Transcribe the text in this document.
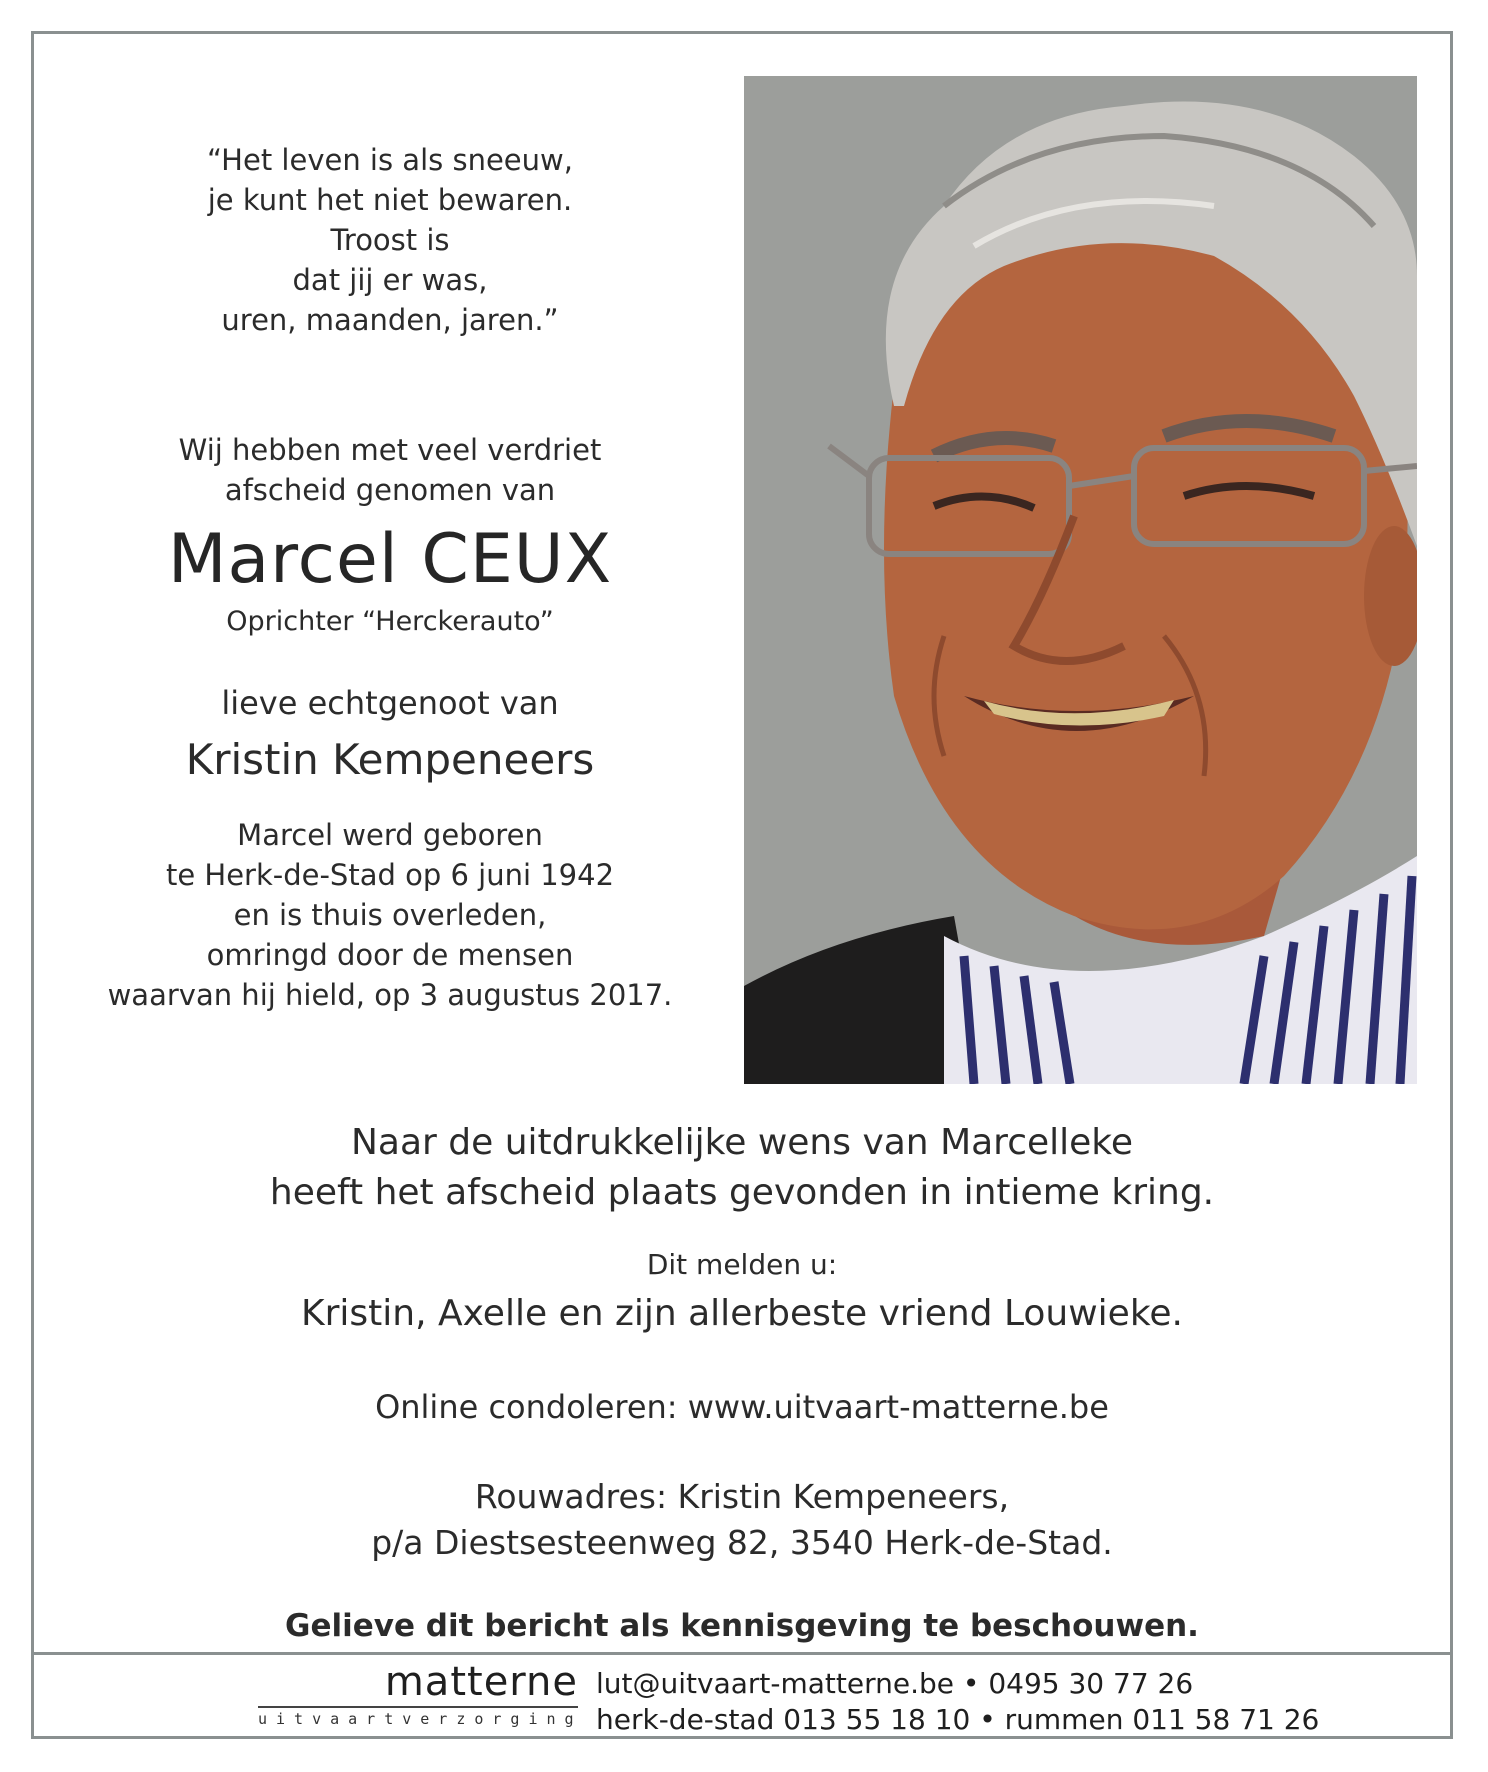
“Het leven is als sneeuw,
je kunt het niet bewaren.
Troost is
dat jij er was,
uren, maanden, jaren.”
Wij hebben met veel verdriet
afscheid genomen van
Marcel CEUX
Oprichter “Herckerauto”
lieve echtgenoot van
Kristin Kempeneers
Marcel werd geboren
te Herk-de-Stad op 6 juni 1942
en is thuis overleden,
omringd door de mensen
waarvan hij hield, op 3 augustus 2017.
Naar de uitdrukkelijke wens van Marcelleke
heeft het afscheid plaats gevonden in intieme kring.
Dit melden u:
Kristin, Axelle en zijn allerbeste vriend Louwieke.
Online condoleren: www.uitvaart-matterne.be
Rouwadres: Kristin Kempeneers,
p/a Diestsesteenweg 82, 3540 Herk-de-Stad.
Gelieve dit bericht als kennisgeving te beschouwen.
matterne
uitvaartverzorging
lut@uitvaart-matterne.be • 0495 30 77 26
herk-de-stad 013 55 18 10 • rummen 011 58 71 26
